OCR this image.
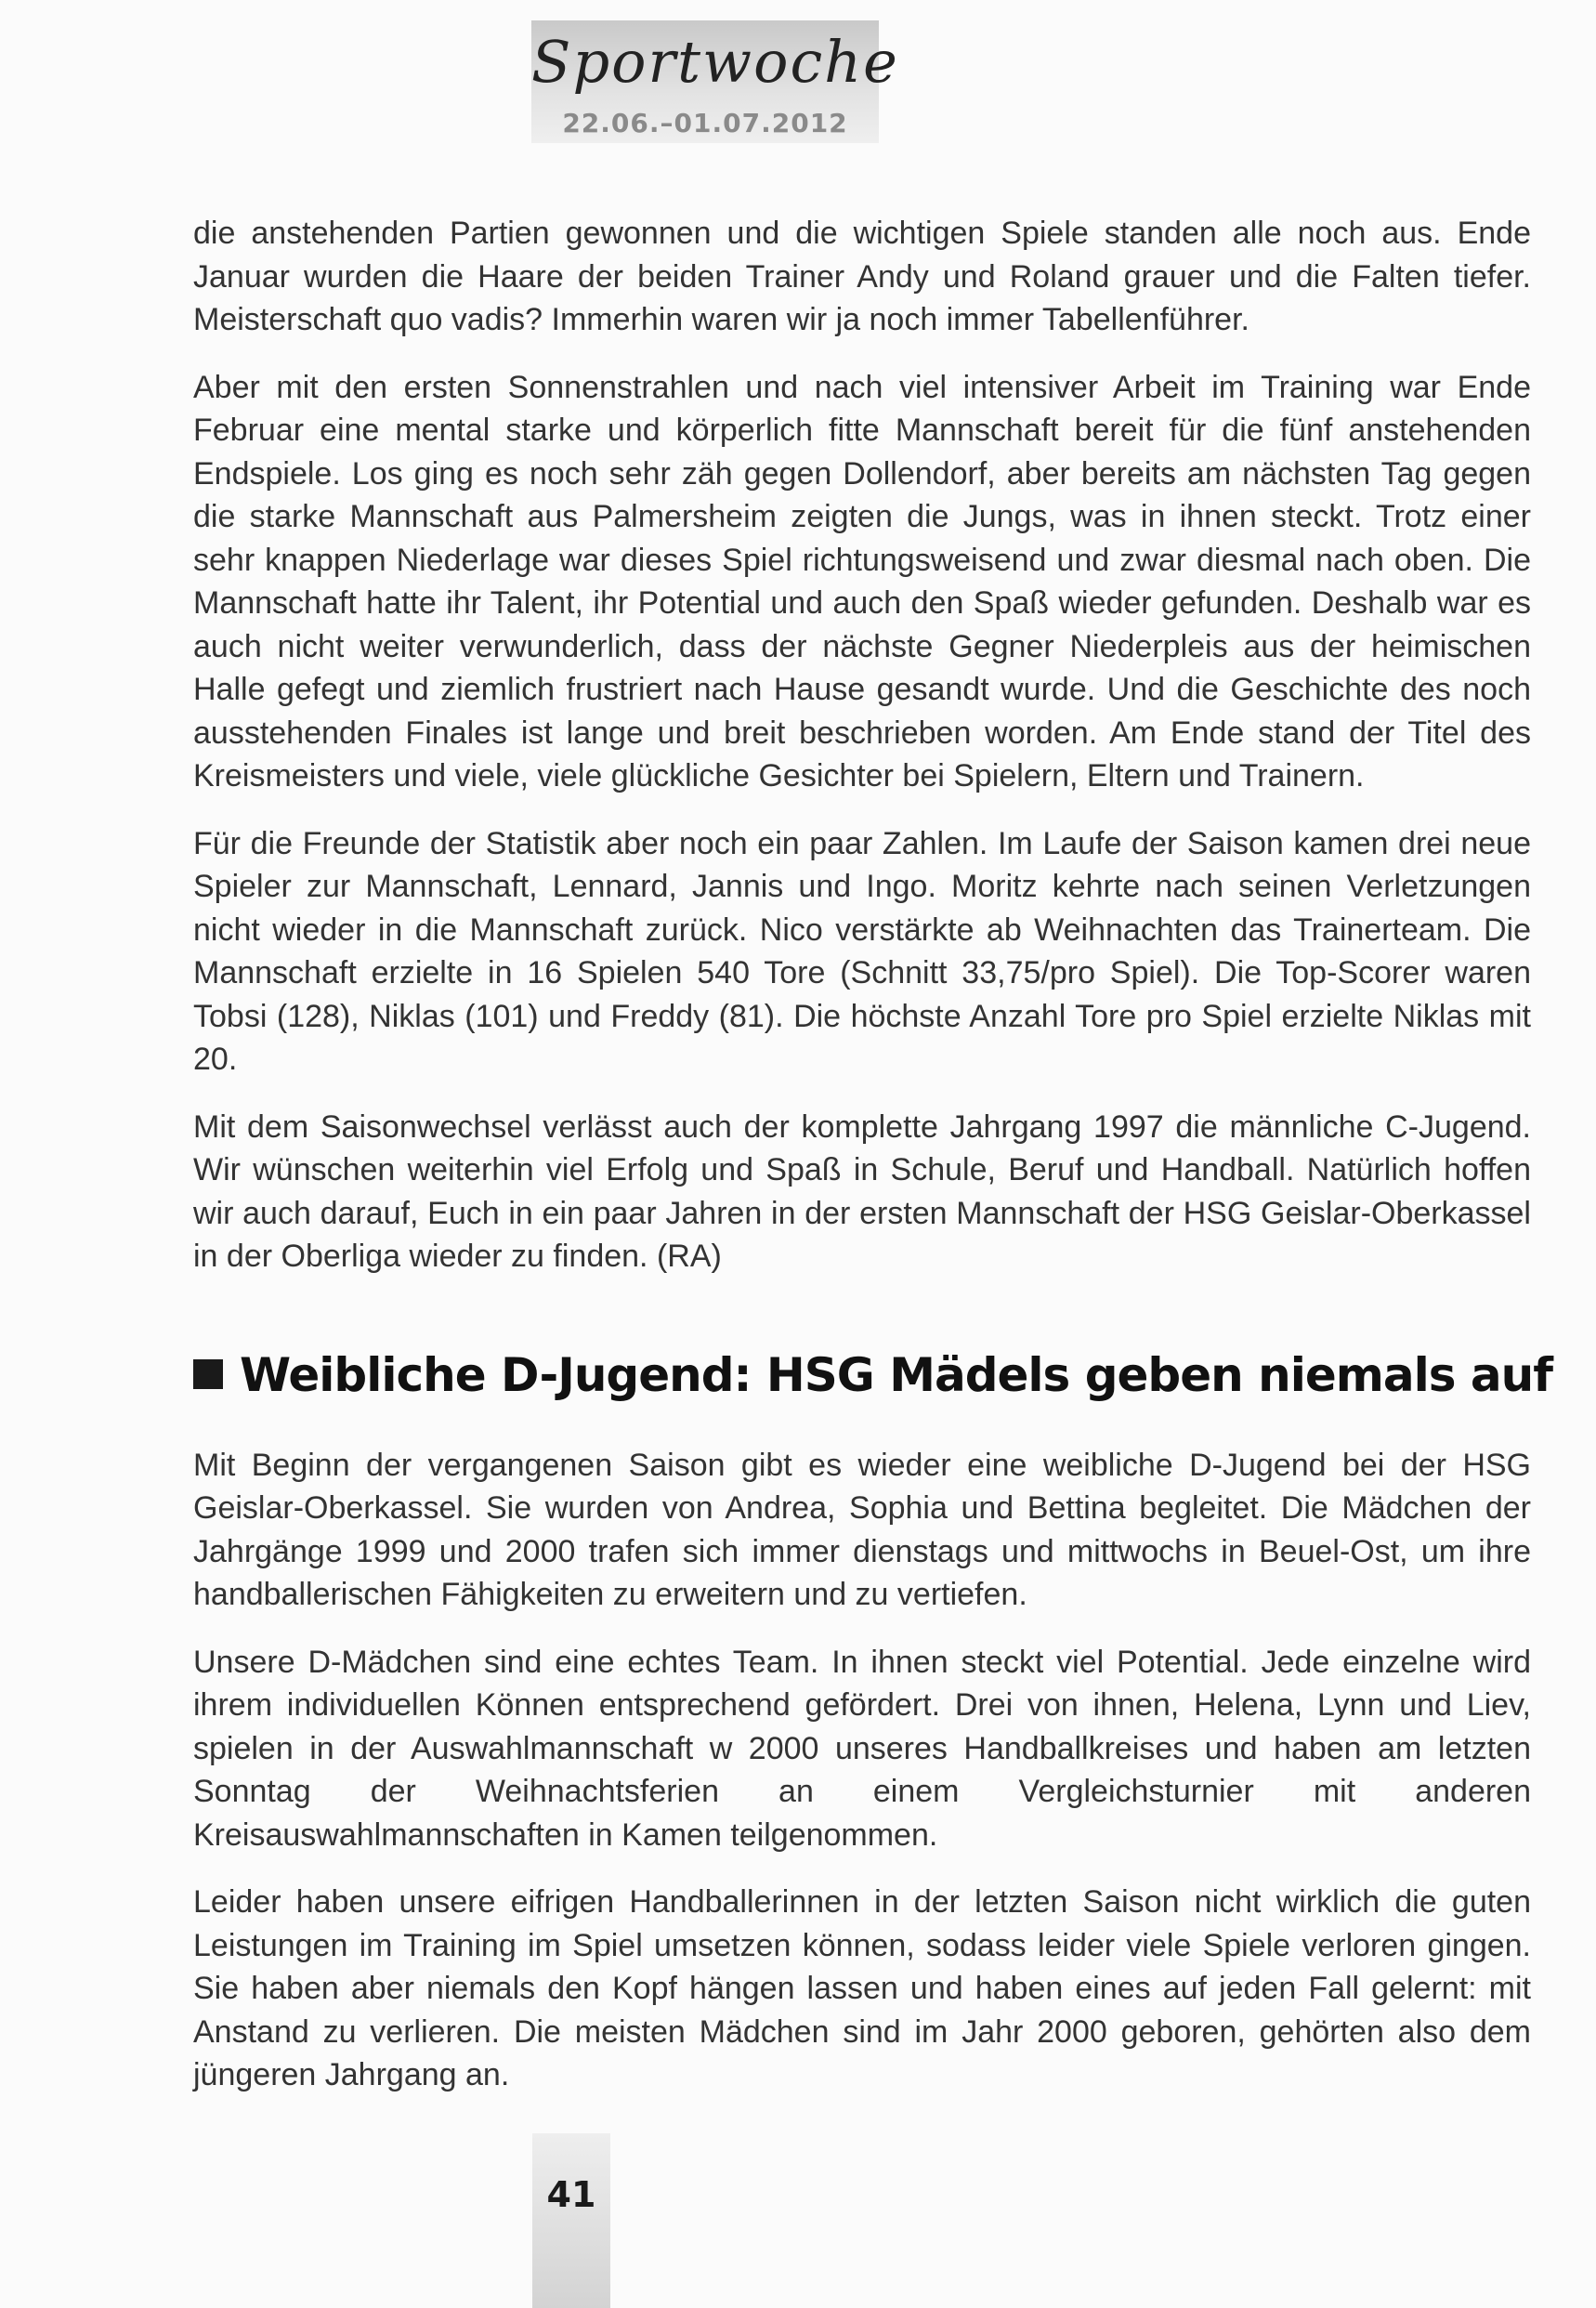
Sportwoche
22.06.–01.07.2012

die anstehenden Partien gewonnen und die wichtigen Spiele standen alle noch aus. Ende Januar wurden die Haare der beiden Trainer Andy und Roland grauer und die Falten tiefer. Meisterschaft quo vadis? Immerhin waren wir ja noch immer Tabellenführer.

Aber mit den ersten Sonnenstrahlen und nach viel intensiver Arbeit im Training war Ende Februar eine mental starke und körperlich fitte Mannschaft bereit für die fünf anstehenden Endspiele. Los ging es noch sehr zäh gegen Dollendorf, aber bereits am nächsten Tag gegen die starke Mannschaft aus Palmersheim zeigten die Jungs, was in ihnen steckt. Trotz einer sehr knappen Niederlage war dieses Spiel richtungsweisend und zwar diesmal nach oben. Die Mannschaft hatte ihr Talent, ihr Potential und auch den Spaß wieder gefunden. Deshalb war es auch nicht weiter verwunderlich, dass der nächste Gegner Niederpleis aus der heimischen Halle gefegt und ziemlich frustriert nach Hause gesandt wurde. Und die Geschichte des noch ausstehenden Finales ist lange und breit beschrieben worden. Am Ende stand der Titel des Kreismeisters und viele, viele glückliche Gesichter bei Spielern, Eltern und Trainern.

Für die Freunde der Statistik aber noch ein paar Zahlen. Im Laufe der Saison kamen drei neue Spieler zur Mannschaft, Lennard, Jannis und Ingo. Moritz kehrte nach seinen Verletzungen nicht wieder in die Mannschaft zurück. Nico verstärkte ab Weihnachten das Trainerteam. Die Mannschaft erzielte in 16 Spielen 540 Tore (Schnitt 33,75/pro Spiel). Die Top-Scorer waren Tobsi (128), Niklas (101) und Freddy (81). Die höchste Anzahl Tore pro Spiel erzielte Niklas mit 20.

Mit dem Saisonwechsel verlässt auch der komplette Jahrgang 1997 die männliche C-Jugend. Wir wünschen weiterhin viel Erfolg und Spaß in Schule, Beruf und Handball. Natürlich hoffen wir auch darauf, Euch in ein paar Jahren in der ersten Mannschaft der HSG Geislar-Oberkassel in der Oberliga wieder zu finden. (RA)

Weibliche D-Jugend: HSG Mädels geben niemals auf

Mit Beginn der vergangenen Saison gibt es wieder eine weibliche D-Jugend bei der HSG Geislar-Oberkassel. Sie wurden von Andrea, Sophia und Bettina begleitet. Die Mädchen der Jahrgänge 1999 und 2000 trafen sich immer dienstags und mittwochs in Beuel-Ost, um ihre handballerischen Fähigkeiten zu erweitern und zu vertiefen.

Unsere D-Mädchen sind eine echtes Team. In ihnen steckt viel Potential. Jede einzelne wird ihrem individuellen Können entsprechend gefördert. Drei von ihnen, Helena, Lynn und Liev, spielen in der Auswahlmannschaft w 2000 unseres Handballkreises und haben am letzten Sonntag der Weihnachtsferien an einem Vergleichsturnier mit anderen Kreisauswahlmannschaften in Kamen teilgenommen.

Leider haben unsere eifrigen Handballerinnen in der letzten Saison nicht wirklich die guten Leistungen im Training im Spiel umsetzen können, sodass leider viele Spiele verloren gingen. Sie haben aber niemals den Kopf hängen lassen und haben eines auf jeden Fall gelernt: mit Anstand zu verlieren. Die meisten Mädchen sind im Jahr 2000 geboren, gehörten also dem jüngeren Jahrgang an.

41
